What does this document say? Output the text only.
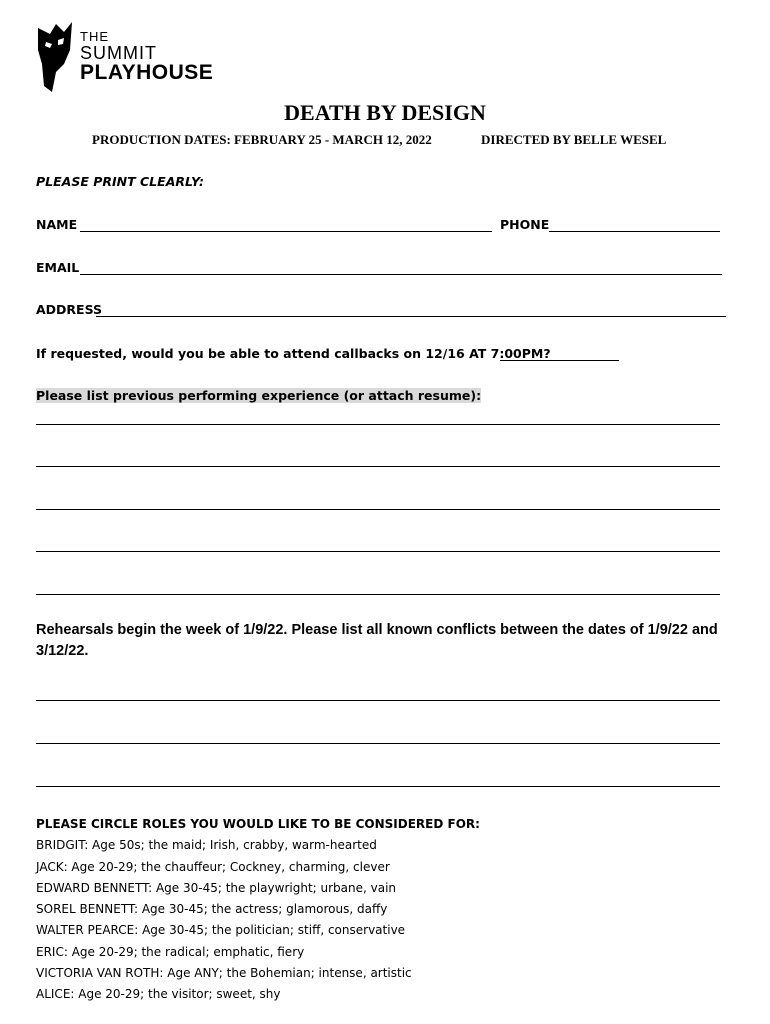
THE
SUMMIT
PLAYHOUSE
DEATH BY DESIGN
PRODUCTION DATES: FEBRUARY 25 - MARCH 12, 2022	DIRECTED BY BELLE WESEL
PLEASE PRINT CLEARLY:
NAME	PHONE
EMAIL
ADDRESS
If requested, would you be able to attend callbacks on 12/16 AT 7:00PM?
Please list previous performing experience (or attach resume):
Rehearsals begin the week of 1/9/22. Please list all known conflicts between the dates of 1/9/22 and 3/12/22.
PLEASE CIRCLE ROLES YOU WOULD LIKE TO BE CONSIDERED FOR:
BRIDGIT: Age 50s; the maid; Irish, crabby, warm-hearted
JACK: Age 20-29; the chauffeur; Cockney, charming, clever
EDWARD BENNETT: Age 30-45; the playwright; urbane, vain
SOREL BENNETT: Age 30-45; the actress; glamorous, daffy
WALTER PEARCE: Age 30-45; the politician; stiff, conservative
ERIC: Age 20-29; the radical; emphatic, fiery
VICTORIA VAN ROTH: Age ANY; the Bohemian; intense, artistic
ALICE: Age 20-29; the visitor; sweet, shy
